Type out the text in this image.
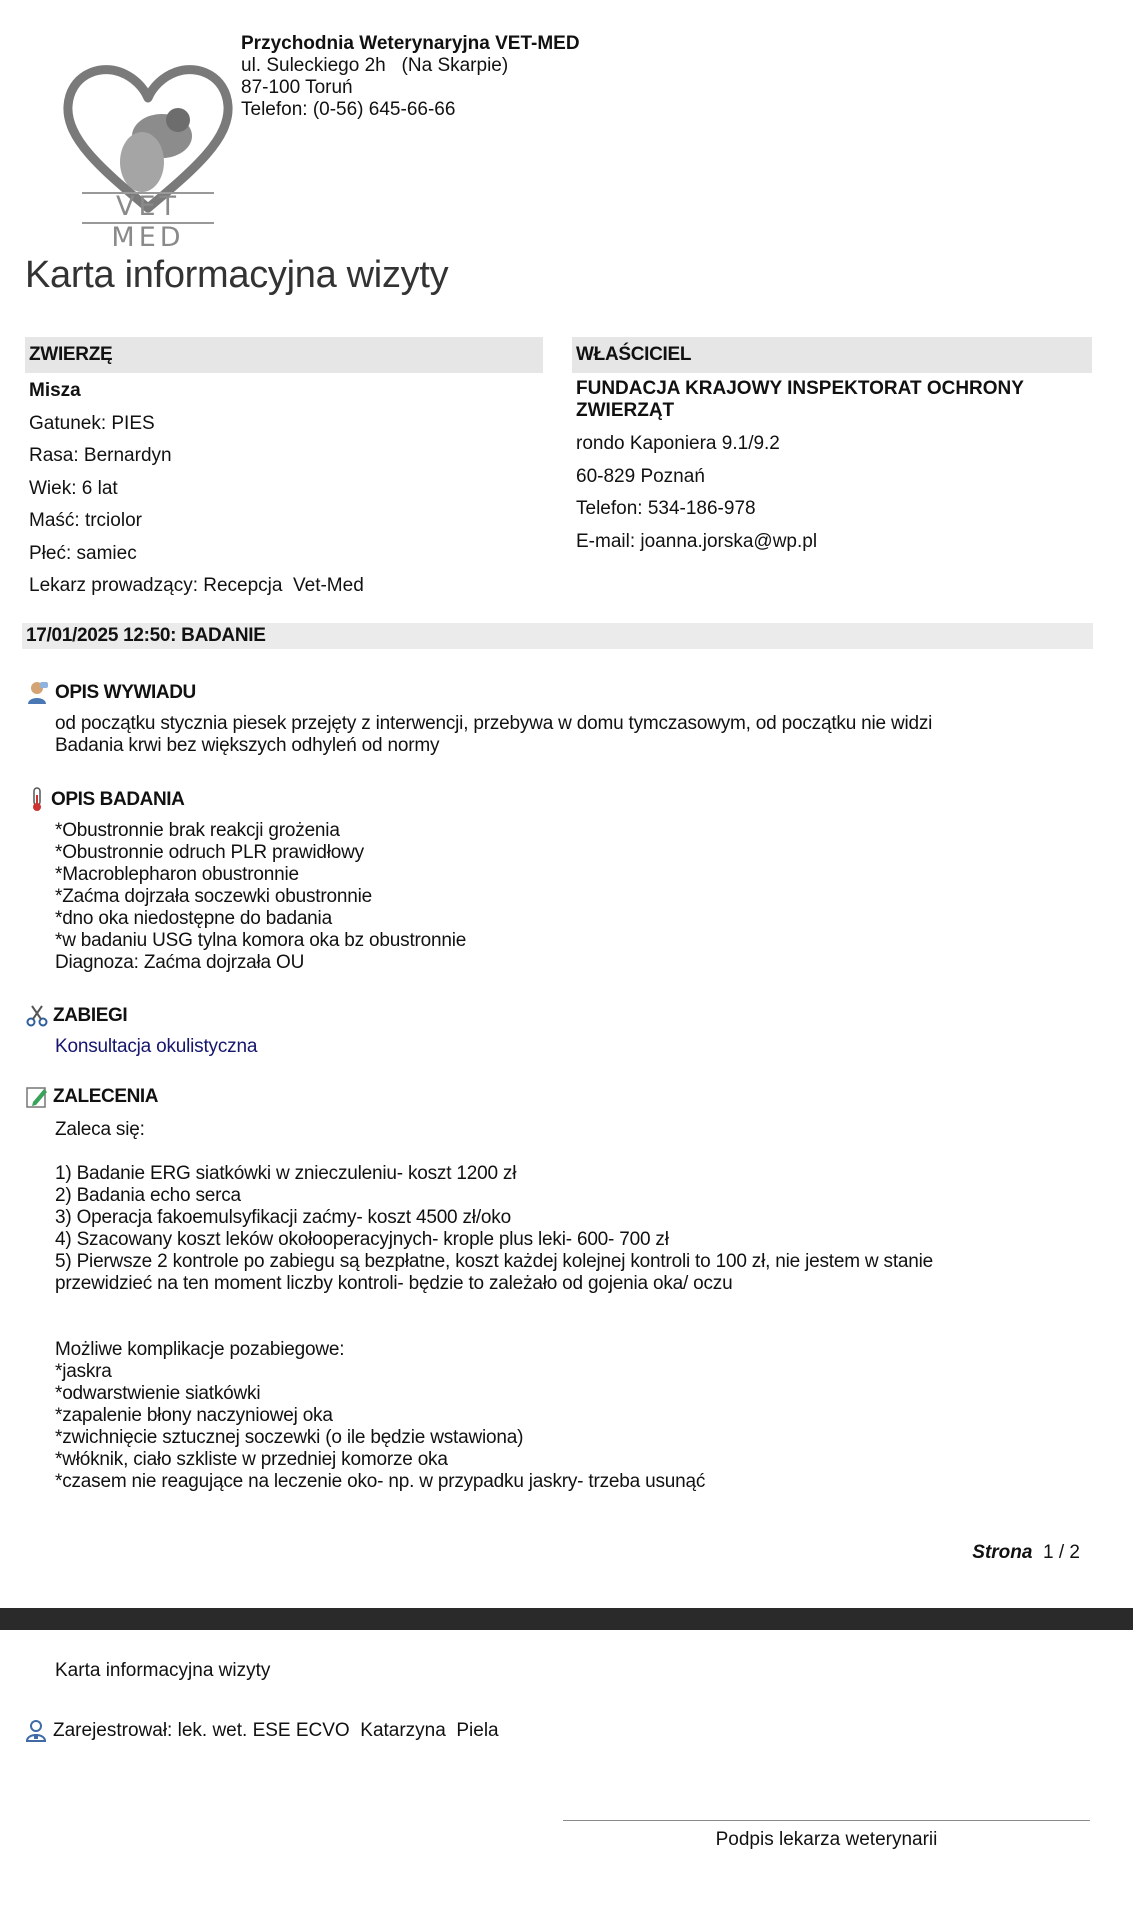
VET MED
Przychodnia Weterynaryjna VET-MED
ul. Suleckiego 2h   (Na Skarpie)
87-100 Toruń
Telefon: (0-56) 645-66-66
Karta informacyjna wizyty
ZWIERZĘ	WŁAŚCICIEL
Misza
Gatunek: PIES
Rasa: Bernardyn
Wiek: 6 lat
Maść: trciolor
Płeć: samiec
Lekarz prowadzący: Recepcja  Vet-Med
FUNDACJA KRAJOWY INSPEKTORAT OCHRONY ZWIERZĄT
rondo Kaponiera 9.1/9.2
60-829 Poznań
Telefon: 534-186-978
E-mail: joanna.jorska@wp.pl
17/01/2025 12:50: BADANIE
OPIS WYWIADU
od początku stycznia piesek przejęty z interwencji, przebywa w domu tymczasowym, od początku nie widzi
Badania krwi bez większych odhyleń od normy
OPIS BADANIA
*Obustronnie brak reakcji grożenia
*Obustronnie odruch PLR prawidłowy
*Macroblepharon obustronnie
*Zaćma dojrzała soczewki obustronnie
*dno oka niedostępne do badania
*w badaniu USG tylna komora oka bz obustronnie
Diagnoza: Zaćma dojrzała OU
ZABIEGI
Konsultacja okulistyczna
ZALECENIA
Zaleca się:

1) Badanie ERG siatkówki w znieczuleniu- koszt 1200 zł
2) Badania echo serca
3) Operacja fakoemulsyfikacji zaćmy- koszt 4500 zł/oko
4) Szacowany koszt leków okołooperacyjnych- krople plus leki- 600- 700 zł
5) Pierwsze 2 kontrole po zabiegu są bezpłatne, koszt każdej kolejnej kontroli to 100 zł, nie jestem w stanie
przewidzieć na ten moment liczby kontroli- będzie to zależało od gojenia oka/ oczu

Możliwe komplikacje pozabiegowe:
*jaskra
*odwarstwienie siatkówki
*zapalenie błony naczyniowej oka
*zwichnięcie sztucznej soczewki (o ile będzie wstawiona)
*włóknik, ciało szkliste w przedniej komorze oka
*czasem nie reagujące na leczenie oko- np. w przypadku jaskry- trzeba usunąć
Strona 1 / 2
Karta informacyjna wizyty
Zarejestrował: lek. wet. ESE ECVO  Katarzyna  Piela
Podpis lekarza weterynarii
